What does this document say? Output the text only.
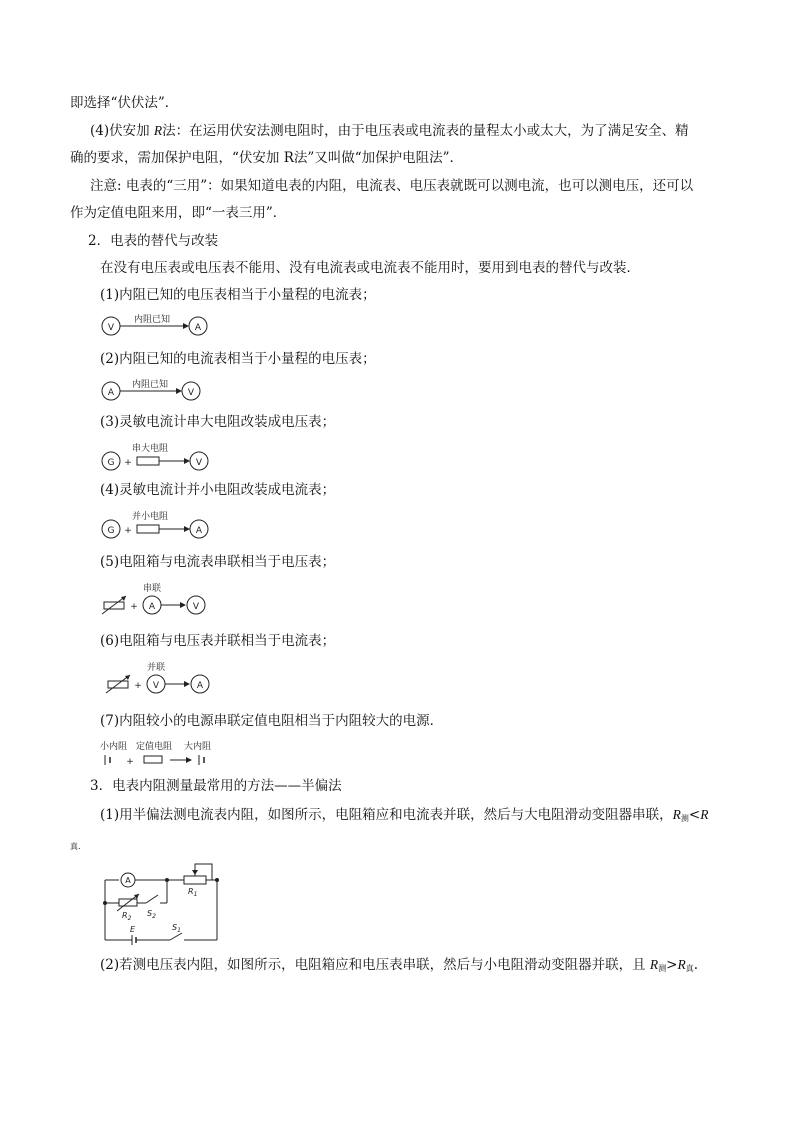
即选择“伏伏法”．
(4)伏安加 R法：在运用伏安法测电阻时，由于电压表或电流表的量程太小或太大，为了满足安全、精
确的要求，需加保护电阻，“伏安加 R法”又叫做“加保护电阻法”．
注意: 电表的“三用”：如果知道电表的内阻，电流表、电压表就既可以测电流，也可以测电压，还可以
作为定值电阻来用，即“一表三用”．
2．电表的替代与改装
在没有电压表或电压表不能用、没有电流表或电流表不能用时，要用到电表的替代与改装．
(1)内阻已知的电压表相当于小量程的电流表；
V
内阻已知
A
(2)内阻已知的电流表相当于小量程的电压表；
A
内阻已知
V
(3)灵敏电流计串大电阻改装成电压表；
G +
串大电阻
V
(4)灵敏电流计并小电阻改装成电流表；
G +
并小电阻
A
(5)电阻箱与电流表串联相当于电压表；
+ A
串联
V
(6)电阻箱与电压表并联相当于电流表；
+ V
并联
A
(7)内阻较小的电源串联定值电阻相当于内阻较大的电源．
小内阻 定值电阻 大内阻
+
3．电表内阻测量最常用的方法——半偏法
(1)用半偏法测电流表内阻，如图所示，电阻箱应和电流表并联，然后与大电阻滑动变阻器串联，$R_测<R$
真.
A
$R_1$
$R_2$
$S_2$
E	$S_1$
(2)若测电压表内阻，如图所示，电阻箱应和电压表串联，然后与小电阻滑动变阻器并联，且 $R_测>R_真$.
